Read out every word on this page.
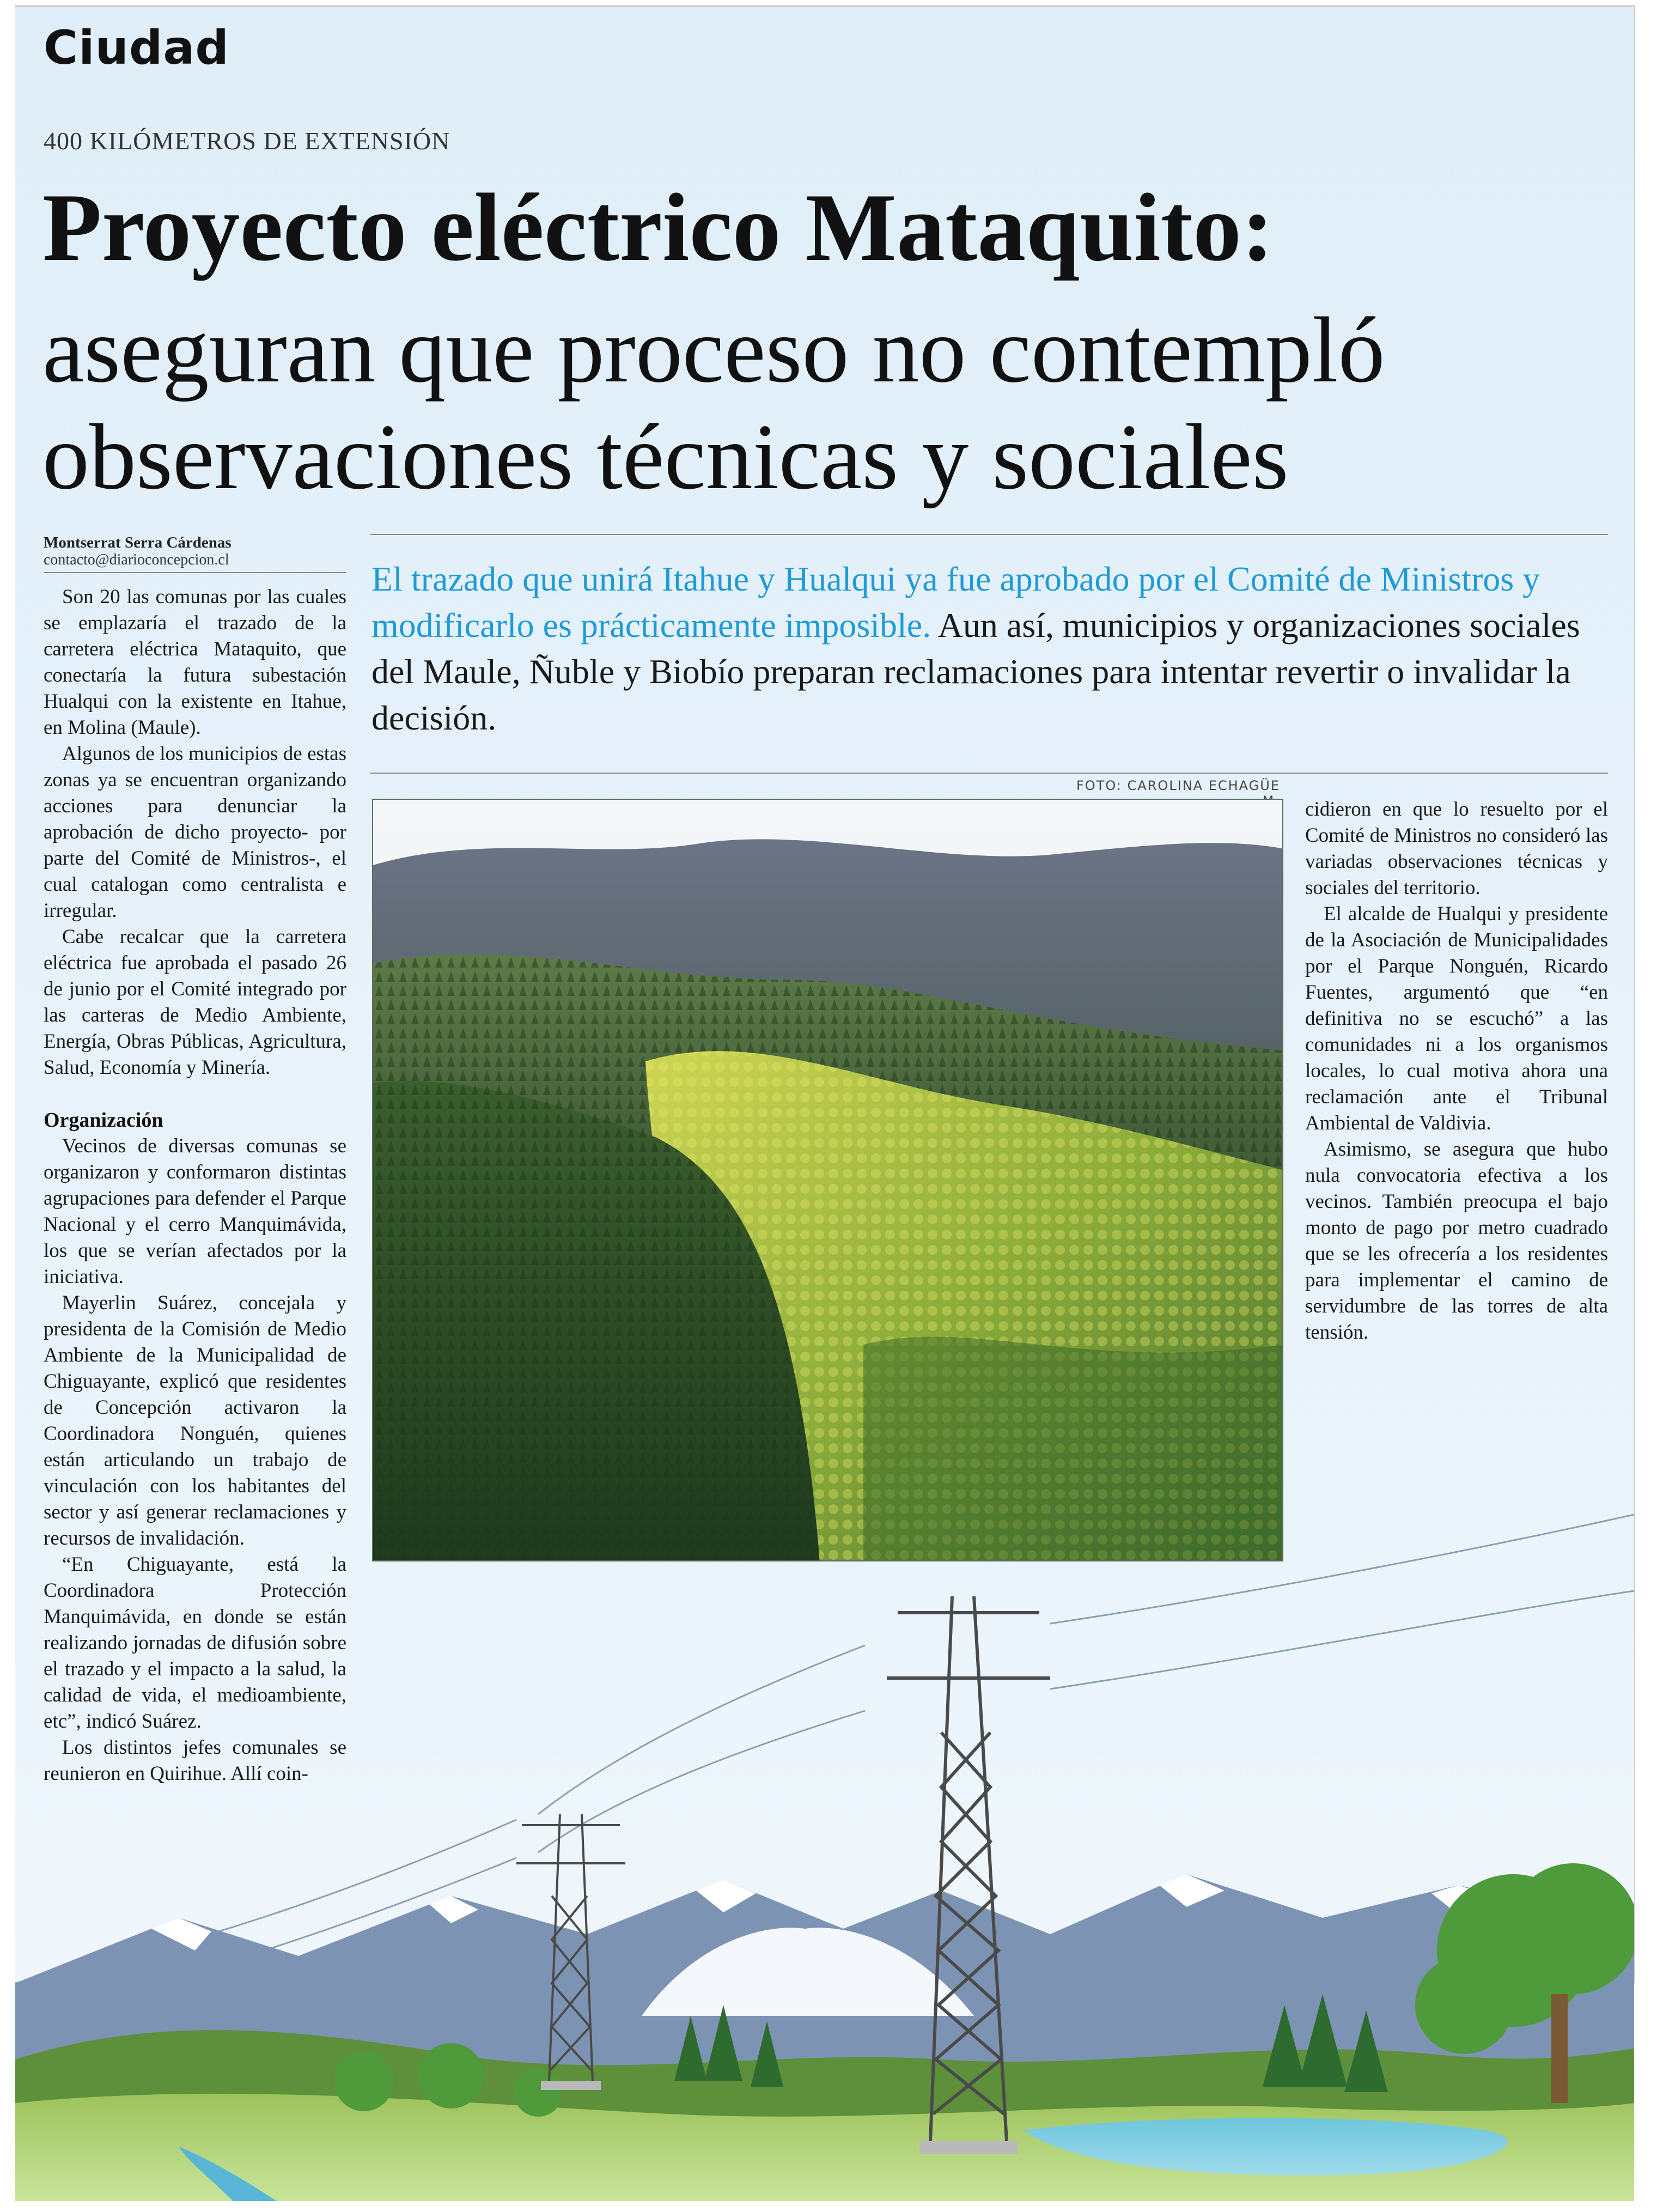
Ciudad
400 KILÓMETROS DE EXTENSIÓN
Proyecto eléctrico Mataquito:
aseguran que proceso no contempló observaciones técnicas y sociales
Montserrat Serra Cárdenas
contacto@diarioconcepcion.cl	El trazado que unirá Itahue y Hualqui ya fue aprobado por el Comité de Ministros y modificarlo es prácticamente imposible. Aun así, municipios y organizaciones sociales del Maule, Ñuble y Biobío preparan reclamaciones para intentar revertir o invalidar la decisión.

Son 20 las comunas por las cuales se emplazaría el trazado de la carretera eléctrica Mataquito, que conectaría la futura subestación Hualqui con la existente en Itahue, en Molina (Maule).

Algunos de los municipios de estas zonas ya se encuentran organizando acciones para denunciar la aprobación de dicho proyecto- por parte del Comité de Ministros-, el cual catalogan como centralista e irregular.

Cabe recalcar que la carretera eléctrica fue aprobada el pasado 26 de junio por el Comité integrado por las carteras de Medio Ambiente, Energía, Obras Públicas, Agricultura, Salud, Economía y Minería.

Organización

Vecinos de diversas comunas se organizaron y conformaron distintas agrupaciones para defender el Parque Nacional y el cerro Manquimávida, los que se verían afectados por la iniciativa.

Mayerlin Suárez, concejala y presidenta de la Comisión de Medio Ambiente de la Municipalidad de Chiguayante, explicó que residentes de Concepción activaron la Coordinadora Nonguén, quienes están articulando un trabajo de vinculación con los habitantes del sector y así generar reclamaciones y recursos de invalidación.

“En Chiguayante, está la Coordinadora Protección Manquimávida, en donde se están realizando jornadas de difusión sobre el trazado y el impacto a la salud, la calidad de vida, el medioambiente, etc”, indicó Suárez.

Los distintos jefes comunales se reunieron en Quirihue. Allí coin-

FOTO: CAROLINA ECHAGÜE

cidieron en que lo resuelto por el Comité de Ministros no consideró las variadas observaciones técnicas y sociales del territorio.

El alcalde de Hualqui y presidente de la Asociación de Municipalidades por el Parque Nonguén, Ricardo Fuentes, argumentó que “en definitiva no se escuchó” a las comunidades ni a los organismos locales, lo cual motiva ahora una reclamación ante el Tribunal Ambiental de Valdivia.

Asimismo, se asegura que hubo nula convocatoria efectiva a los vecinos. También preocupa el bajo monto de pago por metro cuadrado que se les ofrecería a los residentes para implementar el camino de servidumbre de las torres de alta tensión.
